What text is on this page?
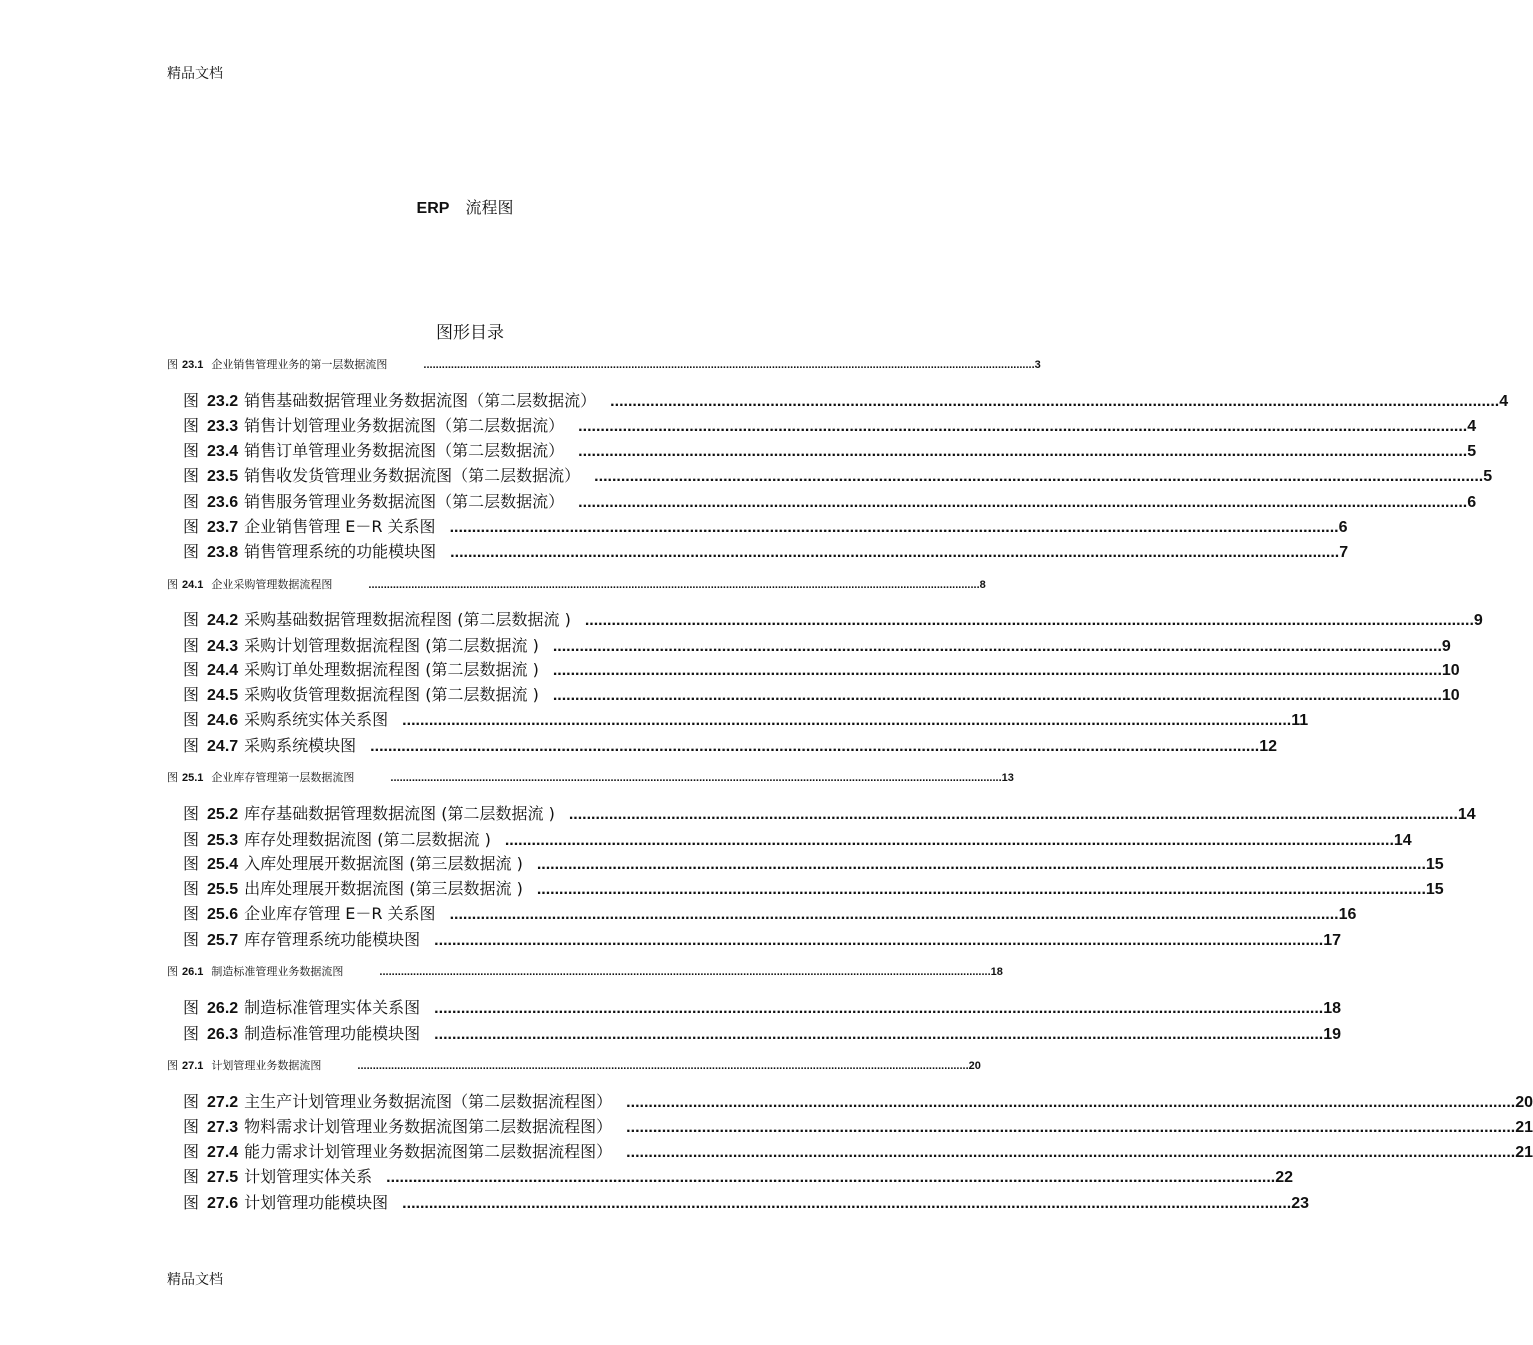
精品文档
ERP 流程图
图形目录
图 23.1 企业销售管理业务的第一层数据流图	........................................................................................................................................................................................................ 3
图 23.2 销售基础数据管理业务数据流图（第二层数据流） ........................................................................................................................................................................................................ 4
图 23.3 销售计划管理业务数据流图（第二层数据流） ........................................................................................................................................................................................................ 4
图 23.4 销售订单管理业务数据流图（第二层数据流） ........................................................................................................................................................................................................ 5
图 23.5 销售收发货管理业务数据流图（第二层数据流） ........................................................................................................................................................................................................ 5
图 23.6 销售服务管理业务数据流图（第二层数据流） ........................................................................................................................................................................................................ 6
图 23.7 企业销售管理 E－R 关系图 ........................................................................................................................................................................................................ 6
图 23.8 销售管理系统的功能模块图 ........................................................................................................................................................................................................ 7
图 24.1 企业采购管理数据流程图	........................................................................................................................................................................................................ 8
图 24.2 采购基础数据管理数据流程图 (第二层数据流 ) ........................................................................................................................................................................................................ 9
图 24.3 采购计划管理数据流程图 (第二层数据流 ) ........................................................................................................................................................................................................ 9
图 24.4 采购订单处理数据流程图 (第二层数据流 ) ........................................................................................................................................................................................................ 10
图 24.5 采购收货管理数据流程图 (第二层数据流 ) ........................................................................................................................................................................................................ 10
图 24.6 采购系统实体关系图 ........................................................................................................................................................................................................ 11
图 24.7 采购系统模块图 ........................................................................................................................................................................................................ 12
图 25.1 企业库存管理第一层数据流图	........................................................................................................................................................................................................ 13
图 25.2 库存基础数据管理数据流图 (第二层数据流 ) ........................................................................................................................................................................................................ 14
图 25.3 库存处理数据流图 (第二层数据流 ) ........................................................................................................................................................................................................ 14
图 25.4 入库处理展开数据流图 (第三层数据流 ) ........................................................................................................................................................................................................ 15
图 25.5 出库处理展开数据流图 (第三层数据流 ) ........................................................................................................................................................................................................ 15
图 25.6 企业库存管理 E－R 关系图 ........................................................................................................................................................................................................ 16
图 25.7 库存管理系统功能模块图 ........................................................................................................................................................................................................ 17
图 26.1 制造标准管理业务数据流图	........................................................................................................................................................................................................ 18
图 26.2 制造标准管理实体关系图 ........................................................................................................................................................................................................ 18
图 26.3 制造标准管理功能模块图 ........................................................................................................................................................................................................ 19
图 27.1 计划管理业务数据流图	........................................................................................................................................................................................................ 20
图 27.2 主生产计划管理业务数据流图（第二层数据流程图） ........................................................................................................................................................................................................ 20
图 27.3 物料需求计划管理业务数据流图第二层数据流程图） ........................................................................................................................................................................................................ 21
图 27.4 能力需求计划管理业务数据流图第二层数据流程图） ........................................................................................................................................................................................................ 21
图 27.5 计划管理实体关系 ........................................................................................................................................................................................................ 22
图 27.6 计划管理功能模块图 ........................................................................................................................................................................................................ 23
精品文档
